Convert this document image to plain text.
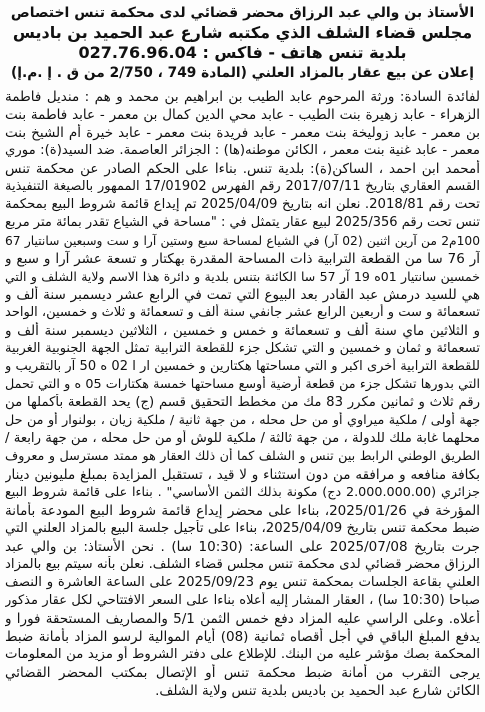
الأستاذ بن والي عبد الرزاق محضر قضائي لدى محكمة تنس اختصاص
مجلس قضاء الشلف الذي مكتبه شارع عبد الحميد بن باديس
بلدية تنس هاتف - فاكس : 027.76.96.04
إعلان عن بيع عقار بالمزاد العلني (المادة 749 ، 2/750 من ق . إ .م.إ)
لفائدة السادة: ورثة المرحوم عابد الطيب بن ابراهيم بن محمد و هم : منديل فاطمة
الزهراء - عابد زهيرة بنت الطيب - عابد محي الدين كمال بن معمر - عابد فاطمة بنت
بن معمر - عابد زوليخة بنت معمر - عابد فريدة بنت معمر - عابد خيرة أم الشيخ بنت
معمر - عابد غنية بنت معمر ، الكائن موطنه(ها) : الجزائر العاصمة. ضد السيد(ة): موري
أمحمد ابن احمد ، الساكن(ة): بلدية تنس. بناءا على الحكم الصادر عن محكمة تنس
القسم العقاري بتاريخ 2017/07/11 رقم الفهرس 17/01902 الممهور بالصيغة التنفيذية
تحت رقم 2018/81. نعلن انه بتاريخ 2025/04/09 تم إيداع قائمة شروط البيع بمحكمة
تنس تحت رقم 2025/356 لبيع عقار يتمثل في : "مساحة في الشياع تقدر بمائة متر مربع
100م2 من آرين اثنين (02 آر) في الشياع لمساحة سبع وستين آرا و ست وسبعين سانتيار 67
آر 76 سا من القطعة الترابية ذات المساحة المقدرة بهكتار و تسعة عشر آرا و سبع و
خمسين سانتيار 01ه 19 آر 57 سا الكائنة بتنس بلدية و دائرة هذا الاسم ولاية الشلف و التي
هي للسيد درمش عبد القادر بعد البيوع التي تمت في الرابع عشر ديسمبر سنة ألف و
تسعمائة و ست و أربعين الرابع عشر جانفي سنة ألف و تسعمائة و ثلاث و خمسين، الواحد
و الثلاثين ماي سنة ألف و تسعمائة و خمس و خمسين ، الثلاثين ديسمبر سنة ألف و
تسعمائة و ثمان و خمسين و التي تشكل جزء للقطعة الترابية تمثل الجهة الجنوبية الغربية
للقطعة الترابية أخرى اكبر و التي مساحتها هكتارين و خمسين ار ا 02 ه 50 آر بالتقريب و
التي بدورها تشكل جزء من قطعة أرضية أوسع مساحتها خمسة هكتارات 05 ه و التي تحمل
رقم ثلاث و ثمانين مكرر 83 مك من مخطط التحقيق قسم (ج) يحد القطعة بأكملها من
جهة أولى / ملكية ميراوي أو من حل محله ، من جهة ثانية / ملكية زيان ، بولنوار أو من حل
محلهما غابة ملك للدولة ، من جهة ثالثة / ملكية للوش أو من حل محله ، من جهة رابعة /
الطريق الوطني الرابط بين تنس و الشلف كما أن ذلك العقار هو ممتد مسترسل و معروف
بكافة منافعه و مرافقه من دون استثناء و لا قيد ، تستقبل المزايدة بمبلغ مليونين دينار
جزائري (2.000.000.00 دج) مكونة بذلك الثمن الأساسي" . بناءا على قائمة شروط البيع
المؤرخة في 2025/01/26، بناءا على محضر إيداع قائمة شروط البيع المودعة بأمانة
ضبط محكمة تنس بتاريخ 2025/04/09، بناءا على تأجيل جلسة البيع بالمزاد العلني التي
جرت بتاريخ 2025/07/08 على الساعة: (10:30 سا) . نحن الأستاذ: بن والي عبد
الرزاق محضر قضائي لدى محكمة تنس مجلس قضاء الشلف. نعلن بأنه سيتم بيع بالمزاد
العلني بقاعة الجلسات بمحكمة تنس يوم 2025/09/23 على الساعة العاشرة و النصف
صباحا (10:30 سا) ، العقار المشار إليه أعلاه بناءا على السعر الافتتاحي لكل عقار مذكور
أعلاه. وعلى الراسي عليه المزاد دفع خمس الثمن 5/1 والمصاريف المستحقة فورا و
يدفع المبلغ الباقي في أجل أقصاه ثمانية (08) أيام الموالية لرسو المزاد بأمانة ضبط
المحكمة بصك مؤشر عليه من البنك. للإطلاع على دفتر الشروط أو مزيد من المعلومات
يرجى التقرب من أمانة ضبط محكمة تنس أو الإتصال بمكتب المحضر القضائي
الكائن شارع عبد الحميد بن باديس بلدية تنس ولاية الشلف.
